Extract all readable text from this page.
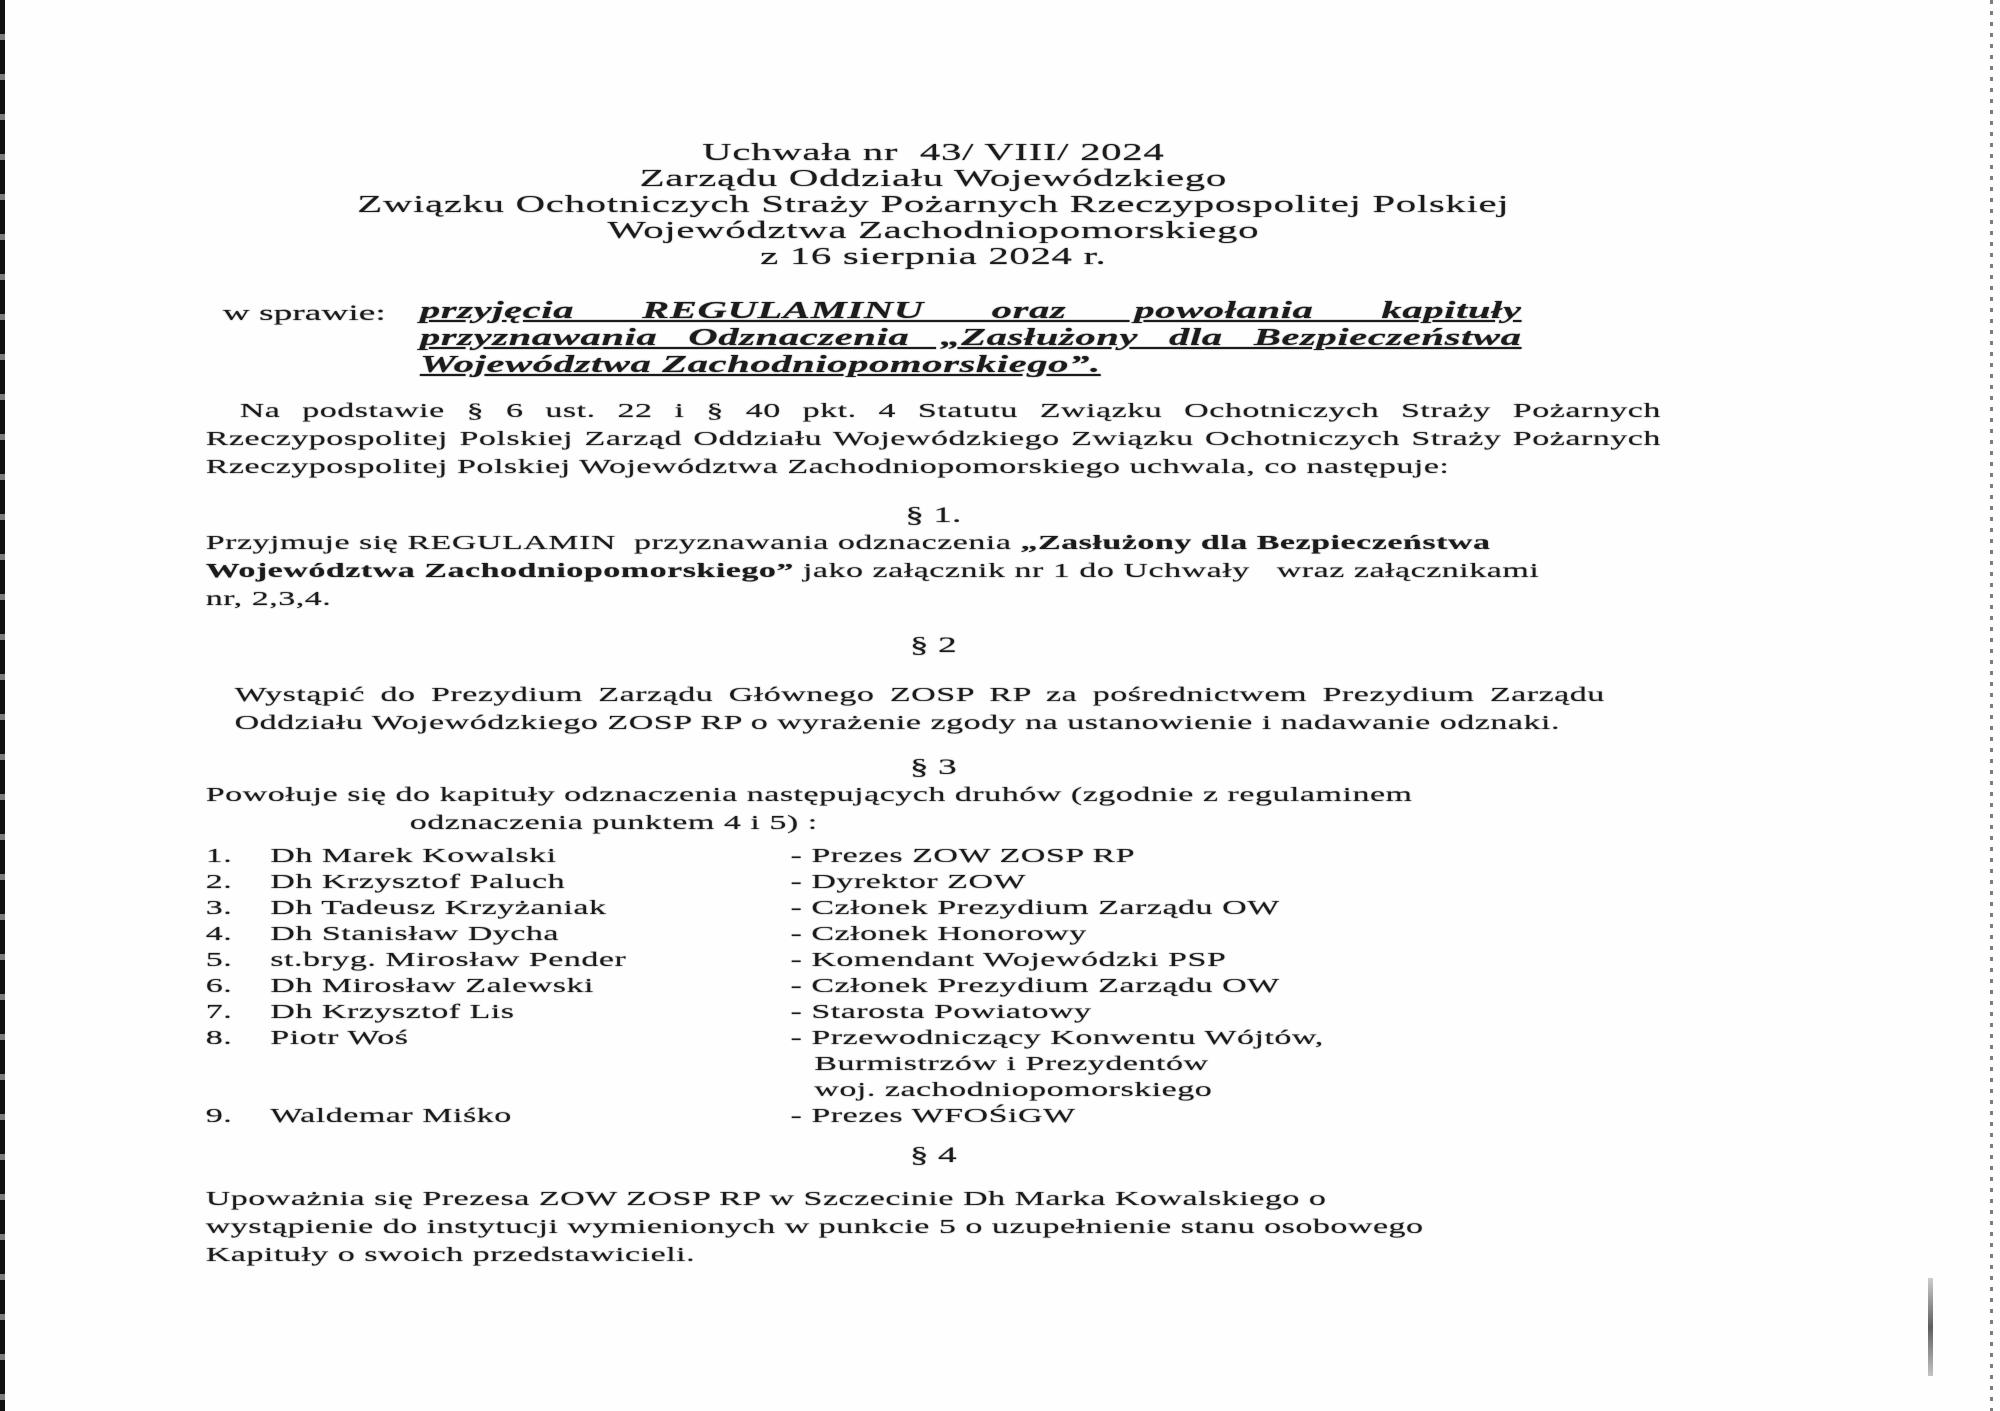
Uchwała nr  43/ VIII/ 2024
Zarządu Oddziału Wojewódzkiego
Związku Ochotniczych Straży Pożarnych Rzeczypospolitej Polskiej
Województwa Zachodniopomorskiego
z 16 sierpnia 2024 r.
w sprawie:	przyjęcia REGULAMINU oraz powołania kapituły
przyznawania Odznaczenia „Zasłużony dla Bezpieczeństwa
Województwa Zachodniopomorskiego”.

Na podstawie § 6 ust. 22 i § 40 pkt. 4 Statutu Związku Ochotniczych Straży Pożarnych Rzeczypospolitej Polskiej Zarząd Oddziału Wojewódzkiego Związku Ochotniczych Straży Pożarnych Rzeczypospolitej Polskiej Województwa Zachodniopomorskiego uchwala, co następuje:

§ 1.

Przyjmuje się REGULAMIN  przyznawania odznaczenia „Zasłużony dla Bezpieczeństwa Województwa Zachodniopomorskiego” jako załącznik nr 1 do Uchwały   wraz załącznikami nr, 2,3,4.

§ 2

Wystąpić do Prezydium Zarządu Głównego ZOSP RP za pośrednictwem Prezydium Zarządu Oddziału Wojewódzkiego ZOSP RP o wyrażenie zgody na ustanowienie i nadawanie odznaki.

§ 3
Powołuje się do kapituły odznaczenia następujących druhów (zgodnie z regulaminem
odznaczenia punktem 4 i 5) :
1.	Dh Marek Kowalski	- Prezes ZOW ZOSP RP
2.	Dh Krzysztof Paluch	- Dyrektor ZOW
3.	Dh Tadeusz Krzyżaniak	- Członek Prezydium Zarządu OW
4.	Dh Stanisław Dycha	- Członek Honorowy
5.	st.bryg. Mirosław Pender	- Komendant Wojewódzki PSP
6.	Dh Mirosław Zalewski	- Członek Prezydium Zarządu OW
7.	Dh Krzysztof Lis	- Starosta Powiatowy
8.	Piotr Woś	- Przewodniczący Konwentu Wójtów,
Burmistrzów i Prezydentów
woj. zachodniopomorskiego
9.	Waldemar Miśko	- Prezes WFOŚiGW
§ 4

Upoważnia się Prezesa ZOW ZOSP RP w Szczecinie Dh Marka Kowalskiego o wystąpienie do instytucji wymienionych w punkcie 5 o uzupełnienie stanu osobowego Kapituły o swoich przedstawicieli.
